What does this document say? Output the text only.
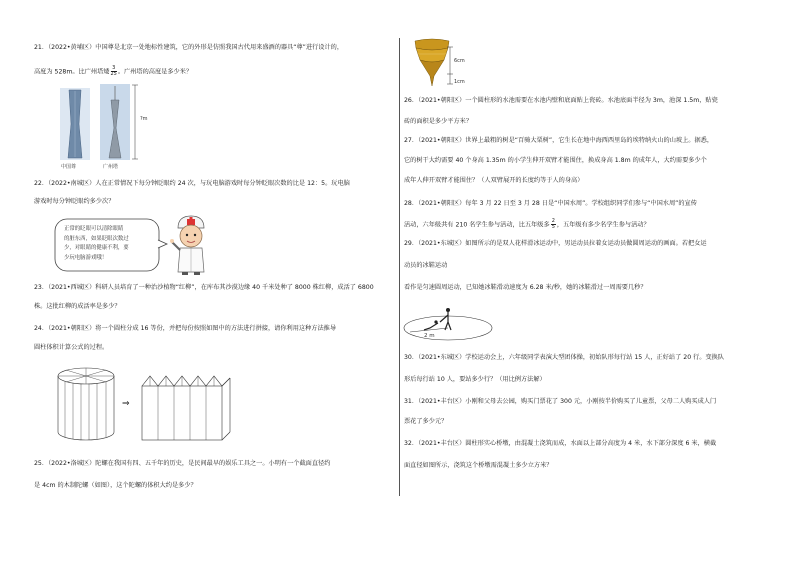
21．（2022•黄埔区）中国尊是北京一处地标性建筑，它的外形是仿照我国古代用来盛酒的器具“尊”进行设计的，
高度为 528m。比广州塔矮 $\frac{3}{25}$ 。广州塔的高度是多少米？
?m
中国尊	广州塔
22．（2022•南城区）人在正常情况下每分钟眨眼约 24 次，与玩电脑游戏时每分钟眨眼次数的比是 12：5。玩电脑
游戏时每分钟眨眼约多少次？
正常的眨眼可以清除眼睛
的脏东西，如果眨眼次数过
少，对眼睛的健康不利，要
少玩电脑游戏哦！
23．（2021•西城区）科研人员培育了一种治沙植物“红柳”，在库布其沙漠边缘 40 千米处种了 8000 株红柳，成活了 6800
株。这批红柳的成活率是多少？
24．（2021•朝阳区）将一个圆柱分成 16 等份，并把每份按照如图中的方法进行拼接，请你利用这种方法推导
圆柱体积计算公式的过程。
⇒
25．（2022•洛城区）陀螺在我国有四、五千年的历史，是民间最早的娱乐工具之一。小明有一个截面直径约
是 4cm 的木制陀螺（如图），这个陀螺的体积大约是多少？
6cm
1cm
26．（2021•朝阳区）一个圆柱形的水池需要在水池内壁和底面贴上瓷砖。水池底面半径为 3m，池深 1.5m，贴瓷
砖的面积是多少平方米？
27．（2021•朝阳区）世界上最粗的树是“百骑大栗树”，它生长在地中海西西里岛的埃特纳火山的山坡上。据悉，
它的树干大约需要 40 个身高 1.35m 的小学生伸开双臂才能围住，换成身高 1.8m 的成年人，大约需要多少个
成年人伸开双臂才能围住？（人双臂展开的长度约等于人的身高）
28．（2021•朝阳区）每年 3 月 22 日至 3 月 28 日是“中国水周”。学校组织同学们参与“中国水周”的宣传
活动，六年级共有 210 名学生参与活动，比五年级多 $\frac{2}{5}$ ，五年级有多少名学生参与活动？
29．（2021•东城区）如图所示的是双人花样滑冰运动中，男运动员拉着女运动员做圆周运动的画面。若把女运
动员的冰鞋运动
看作是匀速圆周运动，已知她冰鞋滑动速度为 6.28 米/秒，她的冰鞋滑过一周需要几秒？
2 m
30．（2021•东城区）学校运动会上，六年级同学表演大型团体操，初始队形每行站 15 人，正好站了 20 行。变换队
形后每行站 10 人，要站多少行？（用比例方法解）
31．（2021•丰台区）小刚和父母去公园，购买门票花了 300 元，小刚按半价购买了儿童票，父母二人购买成人门
票花了多少元？
32．（2021•丰台区）圆柱形实心桥墩，由混凝土浇筑而成，水面以上部分高度为 4 米，水下部分深度 6 米，横截
面直径如图所示，浇筑这个桥墩需混凝土多少立方米？
